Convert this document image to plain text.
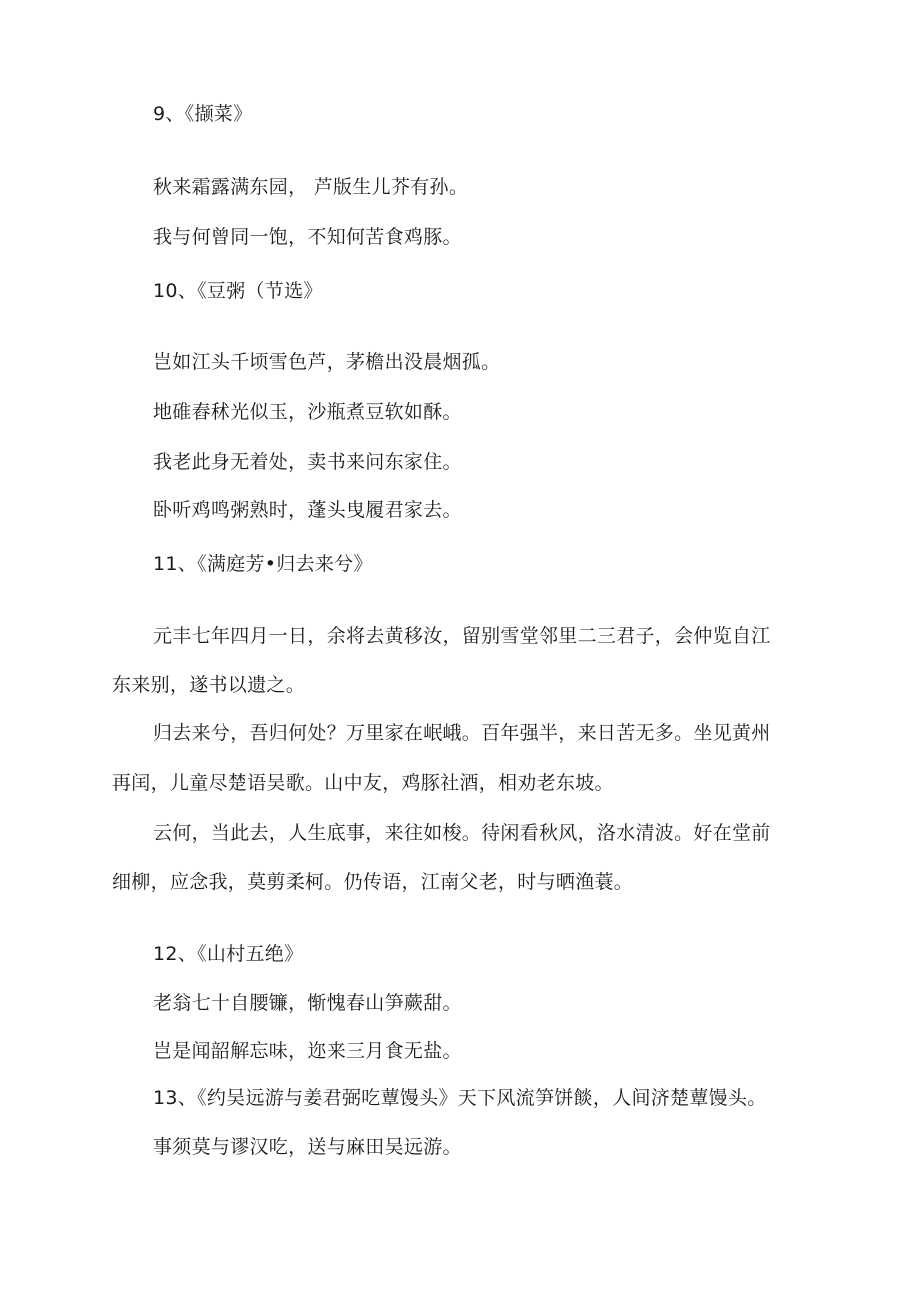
9、《撷菜》

秋来霜露满东园， 芦版生儿芥有孙。

我与何曾同一饱，不知何苦食鸡豚。

10、《豆粥（节选》

岂如江头千顷雪色芦，茅檐出没晨烟孤。

地碓舂秫光似玉，沙瓶煮豆软如酥。

我老此身无着处，卖书来问东家住。

卧听鸡鸣粥熟时，蓬头曳履君家去。

11、《满庭芳•归去来兮》

元丰七年四月一日，余将去黄移汝，留别雪堂邻里二三君子，会仲览自江

东来别，遂书以遗之。

归去来兮，吾归何处？万里家在岷峨。百年强半，来日苦无多。坐见黄州

再闰，儿童尽楚语吴歌。山中友，鸡豚社酒，相劝老东坡。

云何，当此去，人生底事，来往如梭。待闲看秋风，洛水清波。好在堂前

细柳，应念我，莫剪柔柯。仍传语，江南父老，时与晒渔蓑。

12、《山村五绝》

老翁七十自腰镰，惭愧春山笋蕨甜。

岂是闻韶解忘味，迩来三月食无盐。

13、《约吴远游与姜君弼吃蕈馒头》天下风流笋饼餤，人间济楚蕈馒头。

事须莫与谬汉吃，送与麻田吴远游。
